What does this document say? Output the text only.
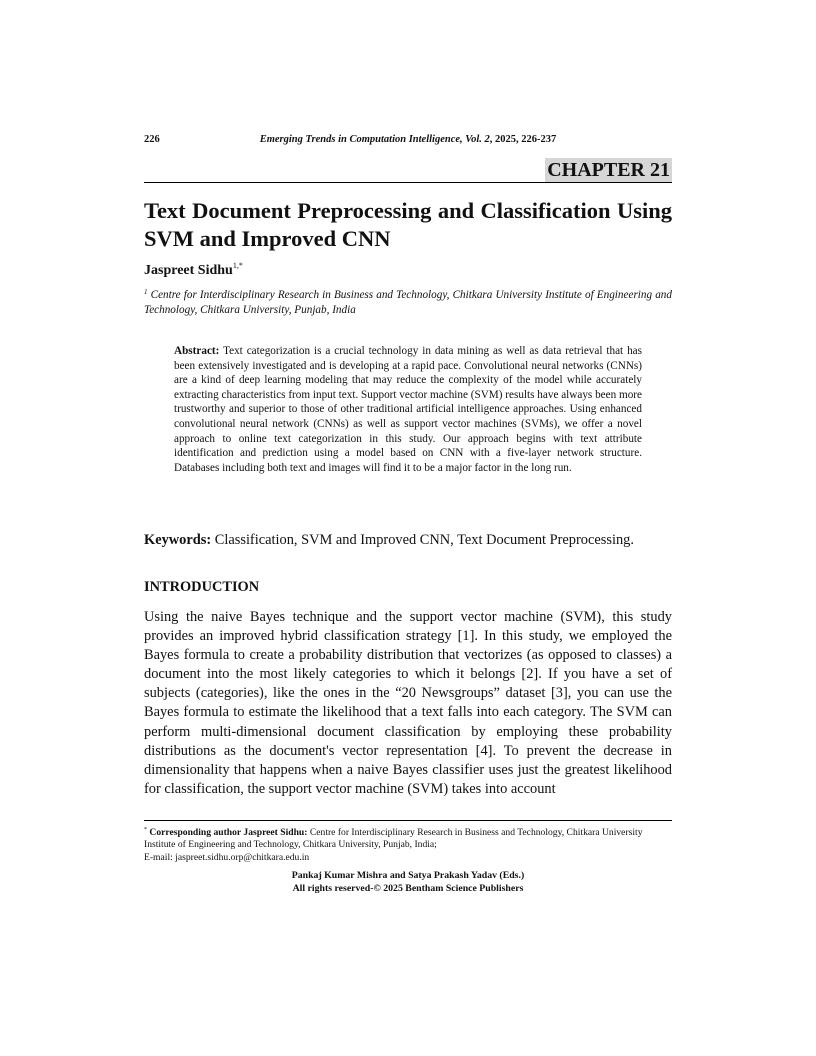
226	Emerging Trends in Computation Intelligence, Vol. 2, 2025, 226-237
CHAPTER 21
Text Document Preprocessing and Classification Using SVM and Improved CNN
Jaspreet Sidhu$^{1,*}$

$^1$ Centre for Interdisciplinary Research in Business and Technology, Chitkara University Institute of Engineering and Technology, Chitkara University, Punjab, India

Abstract: Text categorization is a crucial technology in data mining as well as data retrieval that has been extensively investigated and is developing at a rapid pace. Convolutional neural networks (CNNs) are a kind of deep learning modeling that may reduce the complexity of the model while accurately extracting characteristics from input text. Support vector machine (SVM) results have always been more trustworthy and superior to those of other traditional artificial intelligence approaches. Using enhanced convolutional neural network (CNNs) as well as support vector machines (SVMs), we offer a novel approach to online text categorization in this study. Our approach begins with text attribute identification and prediction using a model based on CNN with a five-layer network structure. Databases including both text and images will find it to be a major factor in the long run.

Keywords: Classification, SVM and Improved CNN, Text Document Preprocessing.

INTRODUCTION

Using the naive Bayes technique and the support vector machine (SVM), this study provides an improved hybrid classification strategy [1]. In this study, we employed the Bayes formula to create a probability distribution that vectorizes (as opposed to classes) a document into the most likely categories to which it belongs [2]. If you have a set of subjects (categories), like the ones in the “20 Newsgroups” dataset [3], you can use the Bayes formula to estimate the likelihood that a text falls into each category. The SVM can perform multi-dimensional document classification by employing these probability distributions as the document's vector representation [4]. To prevent the decrease in dimensionality that happens when a naive Bayes classifier uses just the greatest likelihood for classification, the support vector machine (SVM) takes into account

* Corresponding author Jaspreet Sidhu: Centre for Interdisciplinary Research in Business and Technology, Chitkara University Institute of Engineering and Technology, Chitkara University, Punjab, India;
E-mail: jaspreet.sidhu.orp@chitkara.edu.in

Pankaj Kumar Mishra and Satya Prakash Yadav (Eds.)
All rights reserved-© 2025 Bentham Science Publishers
